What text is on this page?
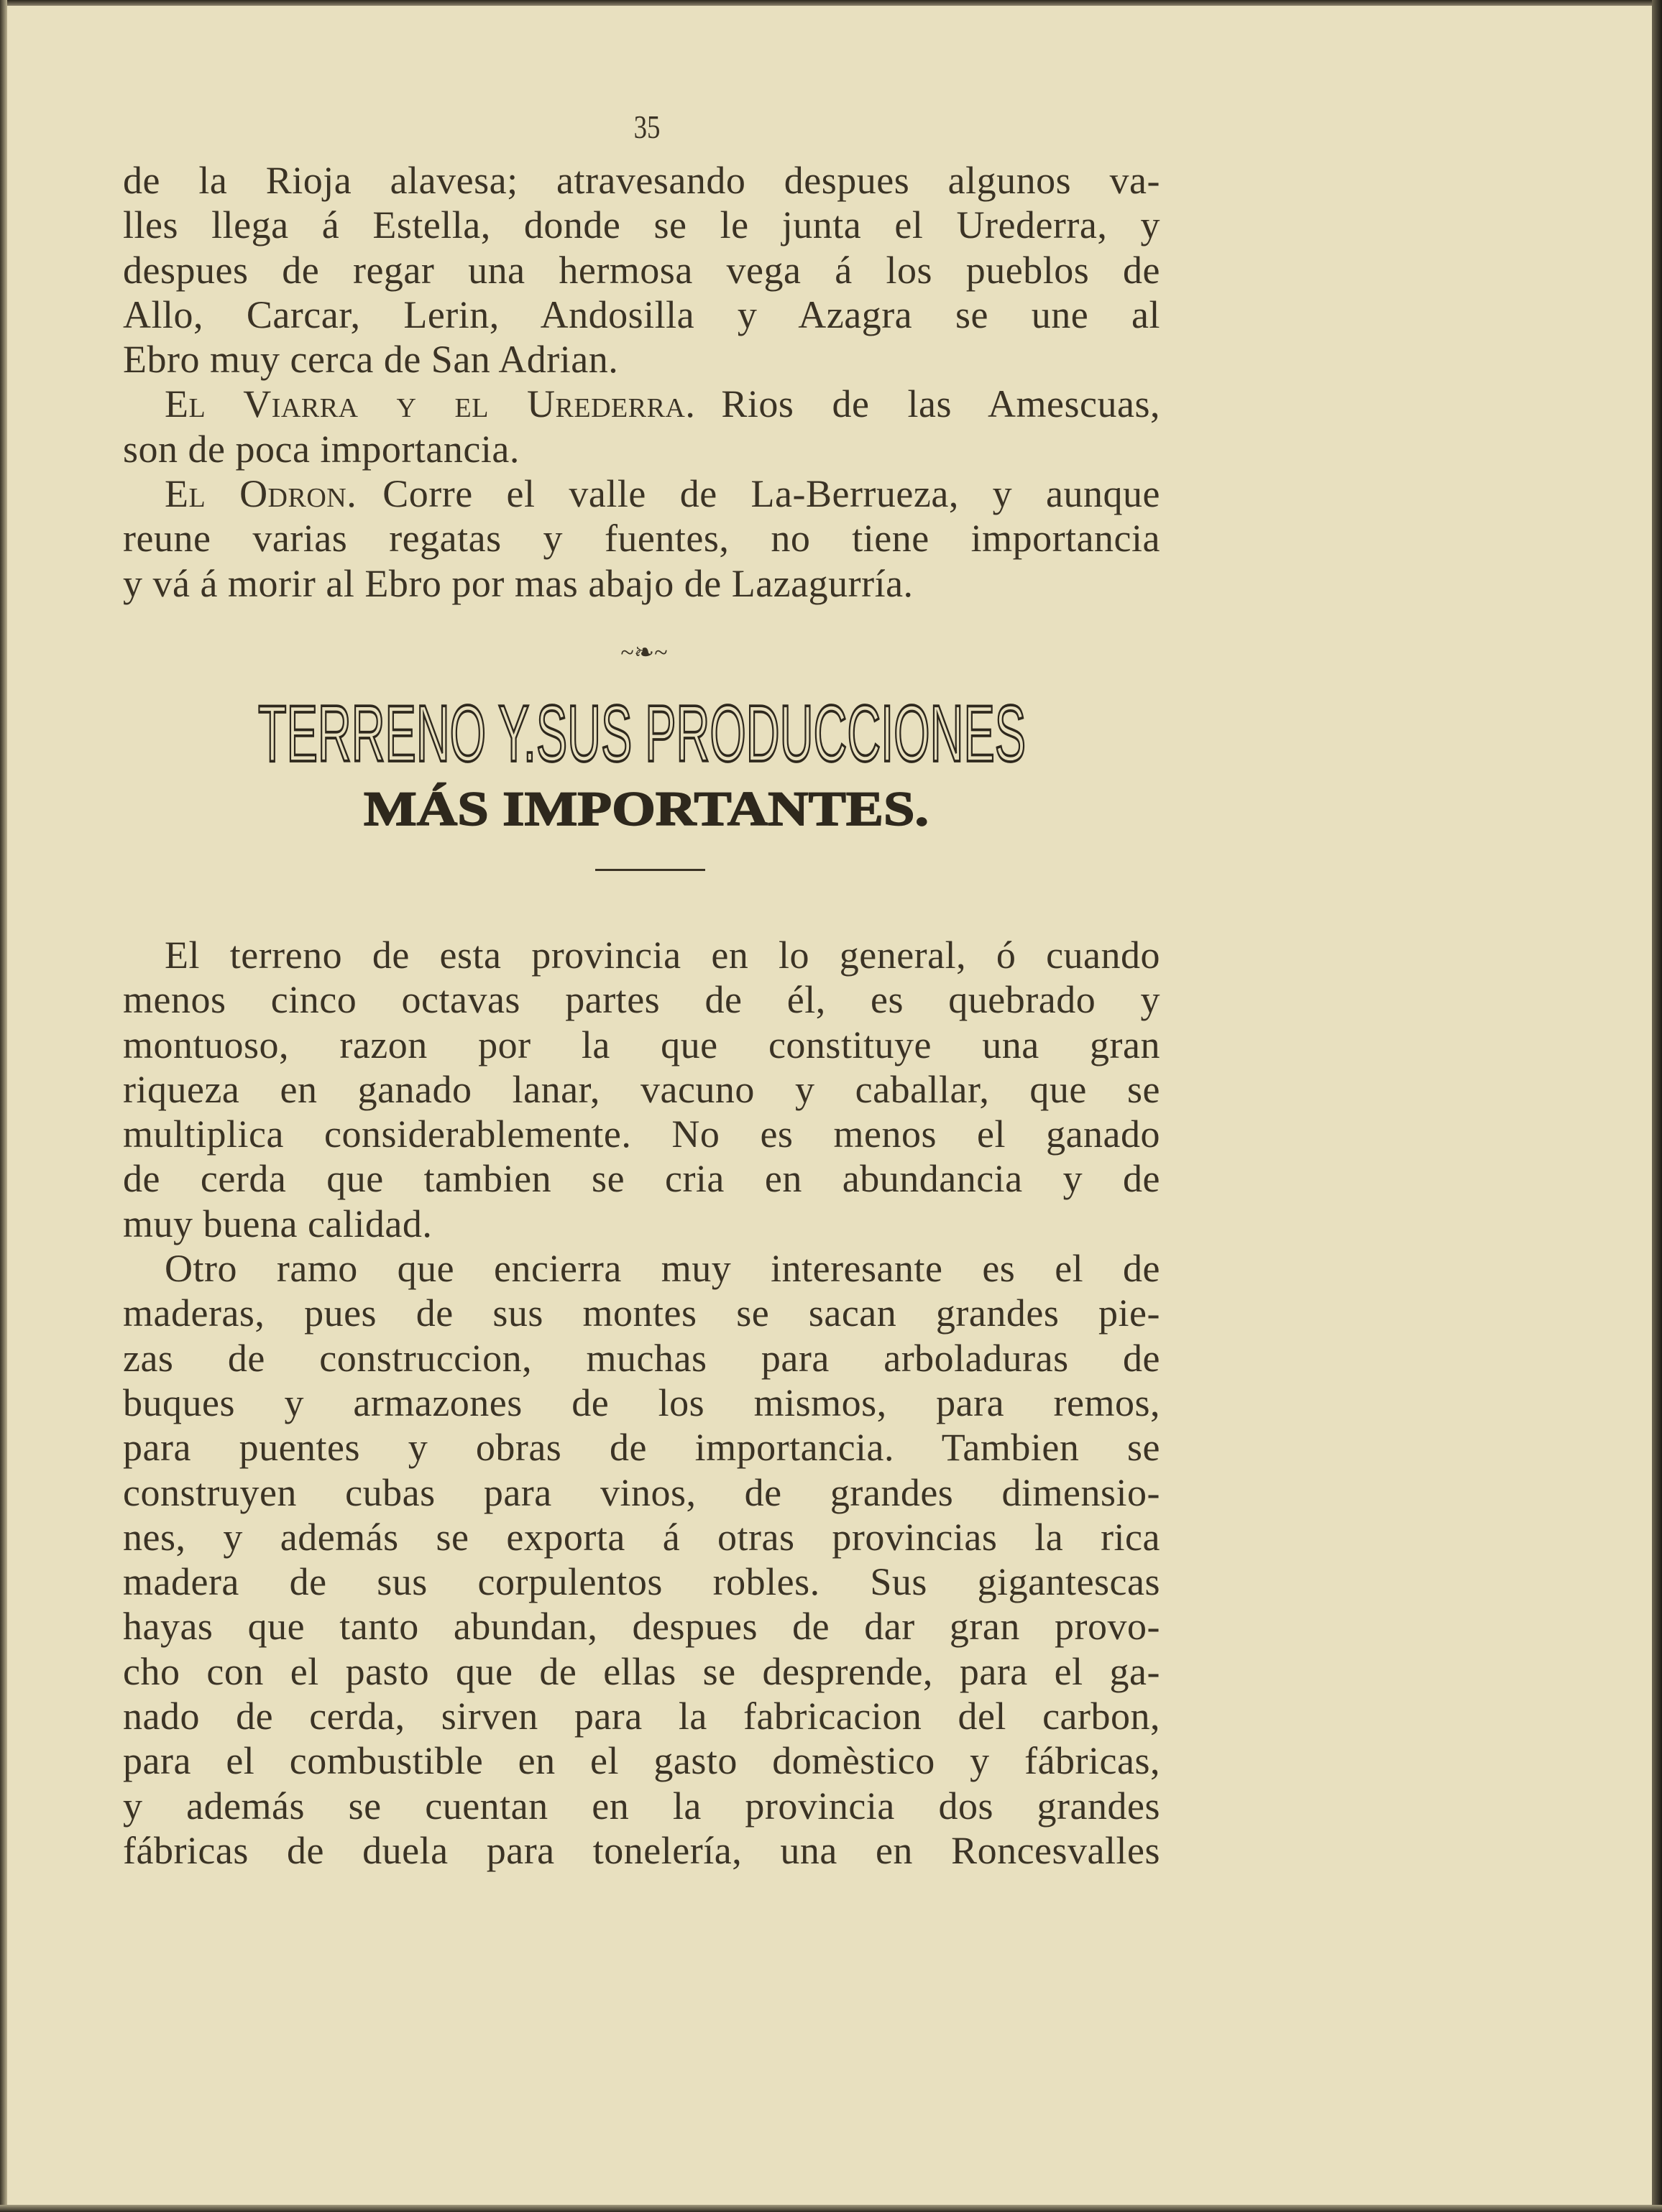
35
de la Rioja alavesa; atravesando despues algunos va-
lles llega á Estella, donde se le junta el Urederra, y
despues de regar una hermosa vega á los pueblos de
Allo, Carcar, Lerin, Andosilla y Azagra se une al
Ebro muy cerca de San Adrian.
El Viarra y el Urederra. Rios de las Amescuas,
son de poca importancia.
El Odron. Corre el valle de La-Berrueza, y aunque
reune varias regatas y fuentes, no tiene importancia
y vá á morir al Ebro por mas abajo de Lazagurría.
~❧~
TERRENO Y.SUS PRODUCCIONES
MÁS IMPORTANTES.
El terreno de esta provincia en lo general, ó cuando
menos cinco octavas partes de él, es quebrado y
montuoso, razon por la que constituye una gran
riqueza en ganado lanar, vacuno y caballar, que se
multiplica considerablemente. No es menos el ganado
de cerda que tambien se cria en abundancia y de
muy buena calidad.
Otro ramo que encierra muy interesante es el de
maderas, pues de sus montes se sacan grandes pie-
zas de construccion, muchas para arboladuras de
buques y armazones de los mismos, para remos,
para puentes y obras de importancia. Tambien se
construyen cubas para vinos, de grandes dimensio-
nes, y además se exporta á otras provincias la rica
madera de sus corpulentos robles. Sus gigantescas
hayas que tanto abundan, despues de dar gran provo-
cho con el pasto que de ellas se desprende, para el ga-
nado de cerda, sirven para la fabricacion del carbon,
para el combustible en el gasto domèstico y fábricas,
y además se cuentan en la provincia dos grandes
fábricas de duela para tonelería, una en Roncesvalles
